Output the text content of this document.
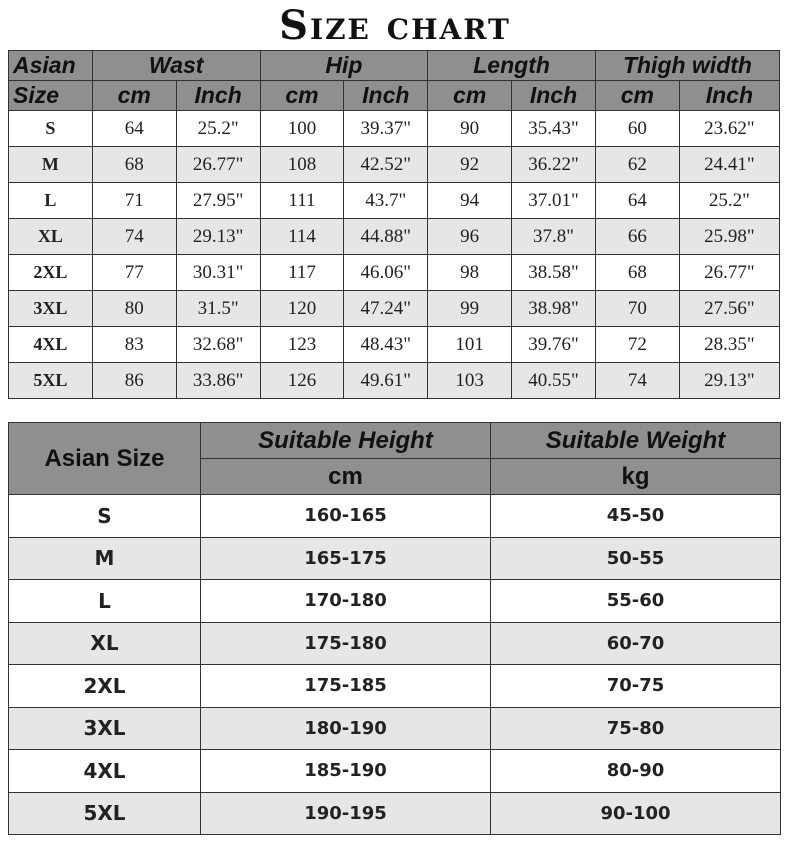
Size chart
Asian	Wast		Hip		Length		Thigh width	
Size	cm	Inch	cm	Inch	cm	Inch	cm	Inch
S	64	25.2"	100	39.37"	90	35.43"	60	23.62"
M	68	26.77"	108	42.52"	92	36.22"	62	24.41"
L	71	27.95"	111	43.7"	94	37.01"	64	25.2"
XL	74	29.13"	114	44.88"	96	37.8"	66	25.98"
2XL	77	30.31"	117	46.06"	98	38.58"	68	26.77"
3XL	80	31.5"	120	47.24"	99	38.98"	70	27.56"
4XL	83	32.68"	123	48.43"	101	39.76"	72	28.35"
5XL	86	33.86"	126	49.61"	103	40.55"	74	29.13"
Asian Size	Suitable Height	Suitable Weight
	cm	kg
S	160-165	45-50
M	165-175	50-55
L	170-180	55-60
XL	175-180	60-70
2XL	175-185	70-75
3XL	180-190	75-80
4XL	185-190	80-90
5XL	190-195	90-100
